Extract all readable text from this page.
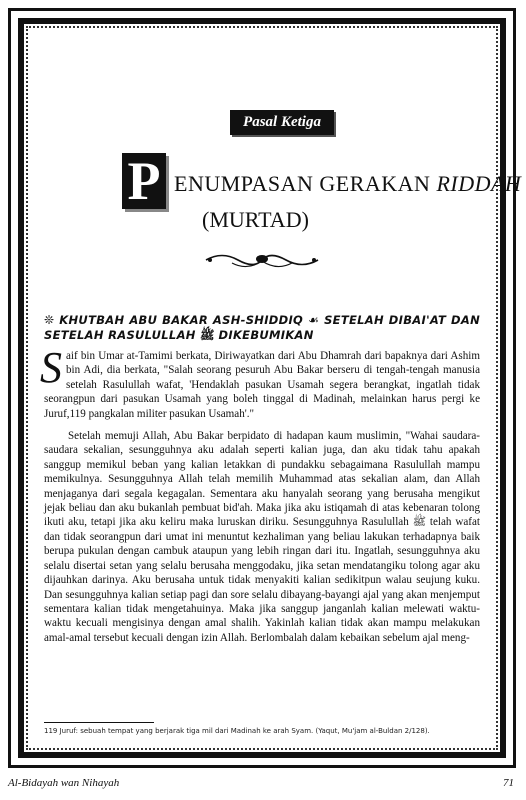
Pasal Ketiga
P ENUMPASAN GERAKAN RIDDAH
(MURTAD)
❊ KHUTBAH ABU BAKAR ASH-SHIDDIQ ☙ SETELAH DIBAI'AT DAN SETELAH RASULULLAH ﷺ DIKEBUMIKAN

Saif bin Umar at-Tamimi berkata, Diriwayatkan dari Abu Dhamrah dari bapaknya dari Ashim bin Adi, dia berkata, "Salah seorang pesuruh Abu Bakar berseru di tengah-tengah manusia setelah Rasulullah wafat, 'Hendaklah pasukan Usamah segera berangkat, ingatlah tidak seorangpun dari pasukan Usamah yang boleh tinggal di Madinah, melainkan harus pergi ke Juruf,119 pangkalan militer pasukan Usamah'."

Setelah memuji Allah, Abu Bakar berpidato di hadapan kaum muslimin, "Wahai saudara-saudara sekalian, sesungguhnya aku adalah seperti kalian juga, dan aku tidak tahu apakah sanggup memikul beban yang kalian letakkan di pundakku sebagaimana Rasulullah mampu memikulnya. Sesungguhnya Allah telah memilih Muhammad atas sekalian alam, dan Allah menjaganya dari segala kegagalan. Sementara aku hanyalah seorang yang berusaha mengikut jejak beliau dan aku bukanlah pembuat bid'ah. Maka jika aku istiqamah di atas kebenaran tolong ikuti aku, tetapi jika aku keliru maka luruskan diriku. Sesungguhnya Rasulullah ﷺ telah wafat dan tidak seorangpun dari umat ini menuntut kezhaliman yang beliau lakukan terhadapnya baik berupa pukulan dengan cambuk ataupun yang lebih ringan dari itu. Ingatlah, sesungguhnya aku selalu disertai setan yang selalu berusaha menggodaku, jika setan mendatangiku tolong agar aku dijauhkan darinya. Aku berusaha untuk tidak menyakiti kalian sedikitpun walau seujung kuku. Dan sesungguhnya kalian setiap pagi dan sore selalu dibayang-bayangi ajal yang akan menjemput sementara kalian tidak mengetahuinya. Maka jika sanggup janganlah kalian melewati waktu-waktu kecuali mengisinya dengan amal shalih. Yakinlah kalian tidak akan mampu melakukan amal-amal tersebut kecuali dengan izin Allah. Berlombalah dalam kebaikan sebelum ajal meng-

119 Juruf: sebuah tempat yang berjarak tiga mil dari Madinah ke arah Syam. (Yaqut, Mu'jam al-Buldan 2/128).
Al-Bidayah wan Nihayah	71
